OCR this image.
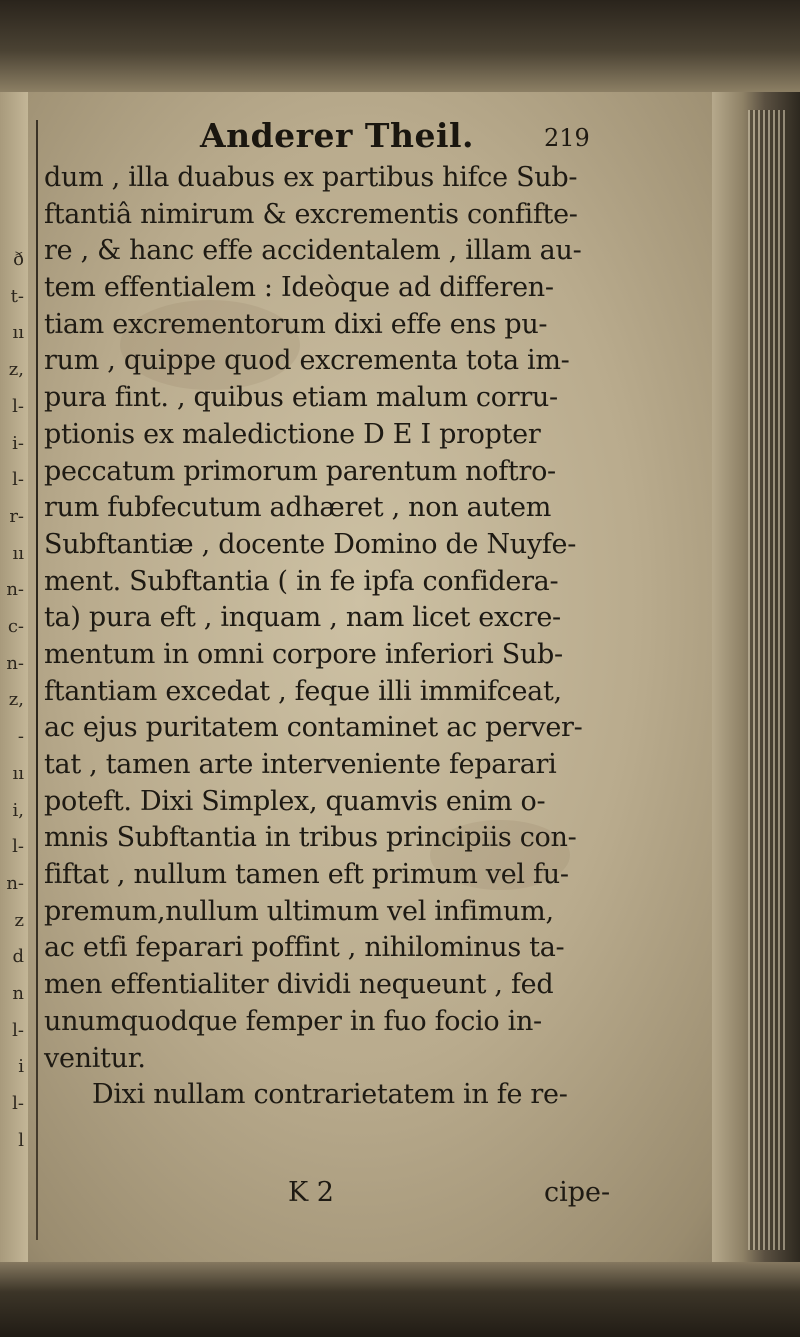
ð
t-
ıı
z,
l-
i-
l-
r-
ıı
n-
c-
n-
z,
-
ıı
i,
l-
n-
z
d
n
l-
i
l-
l
Anderer Theil.	219
dum , illa duabus ex partibus hifce Sub-
ftantiâ nimirum & excrementis confifte-
re , & hanc effe accidentalem , illam au-
tem effentialem : Ideòque ad differen-
tiam excrementorum dixi effe ens pu-
rum , quippe quod excrementa tota im-
pura fint. , quibus etiam malum corru-
ptionis ex maledictione D E I propter
peccatum primorum parentum noftro-
rum fubfecutum adhæret , non autem
Subftantiæ , docente Domino de Nuyfe-
ment. Subftantia ( in fe ipfa confidera-
ta) pura eft , inquam , nam licet excre-
mentum in omni corpore inferiori Sub-
ftantiam excedat , feque illi immifceat,
ac ejus puritatem contaminet ac perver-
tat , tamen arte interveniente feparari
poteft. Dixi Simplex, quamvis enim o-
mnis Subftantia in tribus principiis con-
fiftat , nullum tamen eft primum vel fu-
premum,nullum ultimum vel infimum,
ac etfi feparari poffint , nihilominus ta-
men effentialiter dividi nequeunt , fed
unumquodque femper in fuo focio in-
venitur.
Dixi nullam contrarietatem in fe re-
K 2	cipe-
